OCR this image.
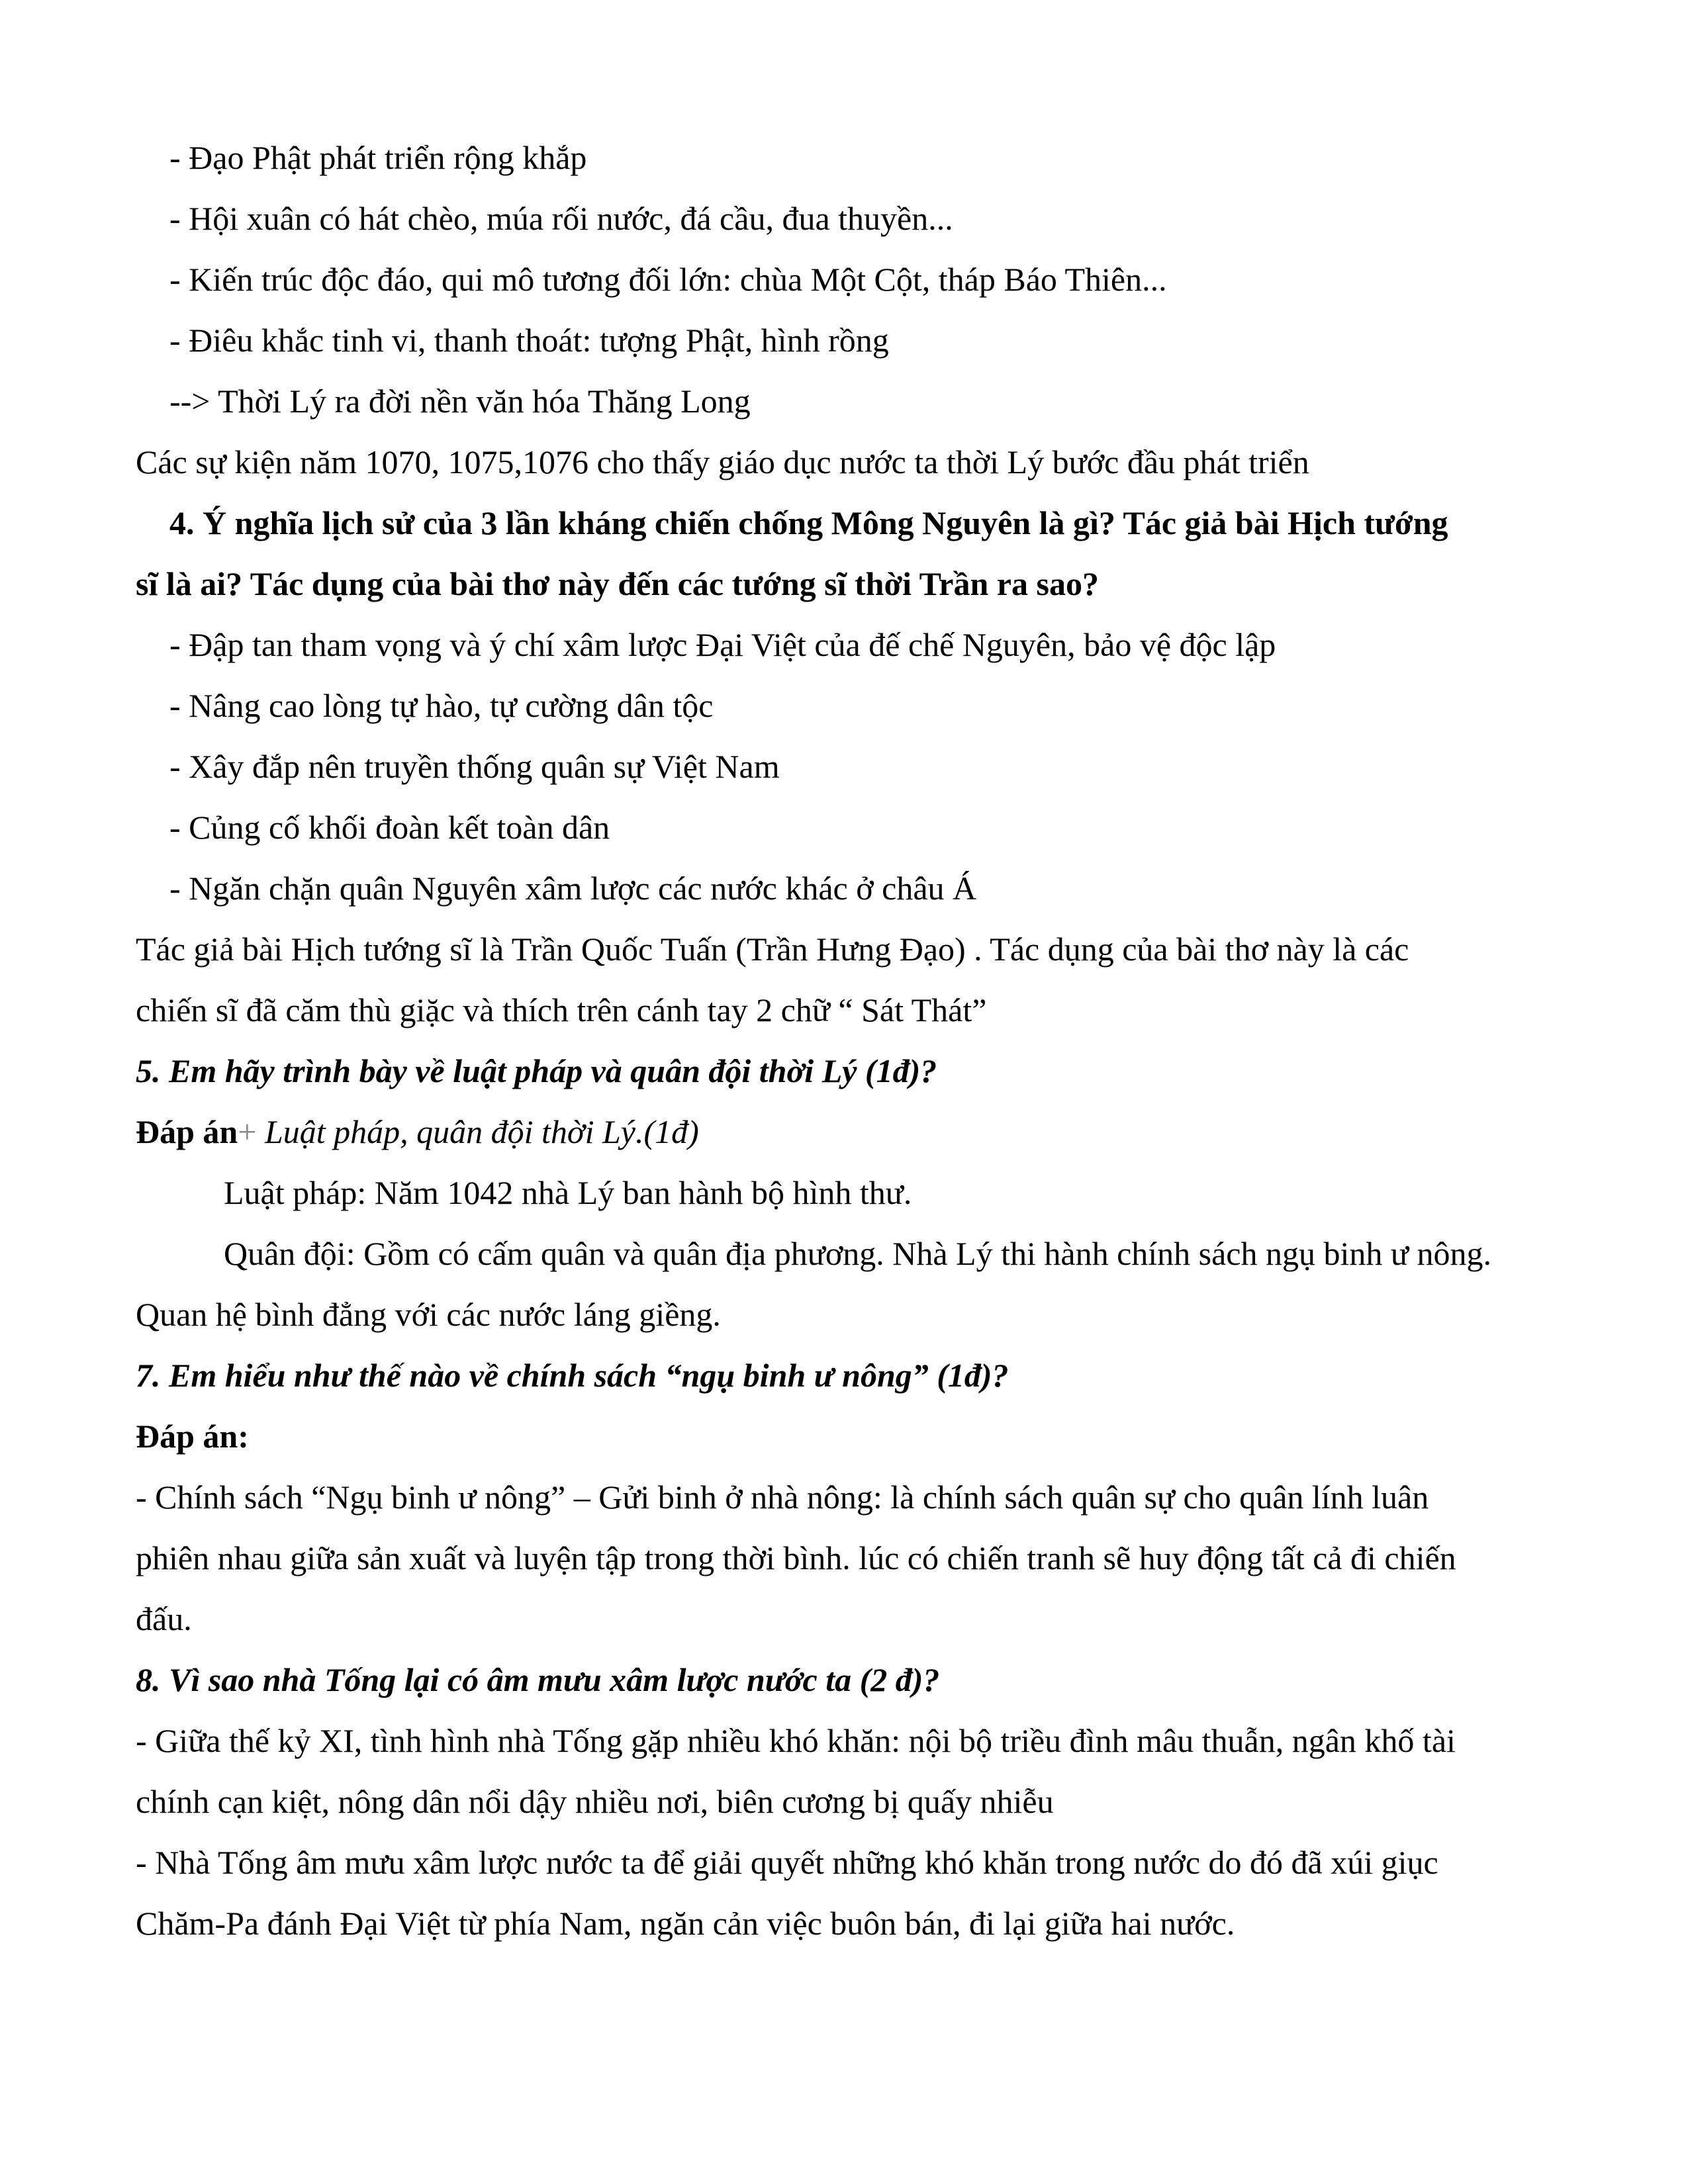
- Đạo Phật phát triển rộng khắp
- Hội xuân có hát chèo, múa rối nước, đá cầu, đua thuyền...
- Kiến trúc độc đáo, qui mô tương đối lớn: chùa Một Cột, tháp Báo Thiên...
- Điêu khắc tinh vi, thanh thoát: tượng Phật, hình rồng
--> Thời Lý ra đời nền văn hóa Thăng Long
Các sự kiện năm 1070, 1075,1076 cho thấy giáo dục nước ta thời Lý bước đầu phát triển
4. Ý nghĩa lịch sử của 3 lần kháng chiến chống Mông Nguyên là gì? Tác giả bài Hịch tướng
sĩ là ai? Tác dụng của bài thơ này đến các tướng sĩ thời Trần ra sao?
- Đập tan tham vọng và ý chí xâm lược Đại Việt của đế chế Nguyên, bảo vệ độc lập
- Nâng cao lòng tự hào, tự cường dân tộc
- Xây đắp nên truyền thống quân sự Việt Nam
- Củng cố khối đoàn kết toàn dân
- Ngăn chặn quân Nguyên xâm lược các nước khác ở châu Á
Tác giả bài Hịch tướng sĩ là Trần Quốc Tuấn (Trần Hưng Đạo) . Tác dụng của bài thơ này là các
chiến sĩ đã căm thù giặc và thích trên cánh tay 2 chữ “ Sát Thát”
5. Em hãy trình bày về luật pháp và quân đội thời Lý (1đ)?
Đáp án+ Luật pháp, quân đội thời Lý.(1đ)
Luật pháp: Năm 1042 nhà Lý ban hành bộ hình thư.
Quân đội: Gồm có cấm quân và quân địa phương. Nhà Lý thi hành chính sách ngụ binh ư nông.
Quan hệ bình đẳng với các nước láng giềng.
7. Em hiểu như thế nào về chính sách “ngụ binh ư nông” (1đ)?
Đáp án:
- Chính sách “Ngụ binh ư nông” – Gửi binh ở nhà nông: là chính sách quân sự cho quân lính luân
phiên nhau giữa sản xuất và luyện tập trong thời bình. lúc có chiến tranh sẽ huy động tất cả đi chiến
đấu.
8. Vì sao nhà Tống lại có âm mưu xâm lược nước ta (2 đ)?
- Giữa thế kỷ XI, tình hình nhà Tống gặp nhiều khó khăn: nội bộ triều đình mâu thuẫn, ngân khố tài
chính cạn kiệt, nông dân nổi dậy nhiều nơi, biên cương bị quấy nhiễu
- Nhà Tống âm mưu xâm lược nước ta để giải quyết những khó khăn trong nước do đó đã xúi giục
Chăm-Pa đánh Đại Việt từ phía Nam, ngăn cản việc buôn bán, đi lại giữa hai nước.
